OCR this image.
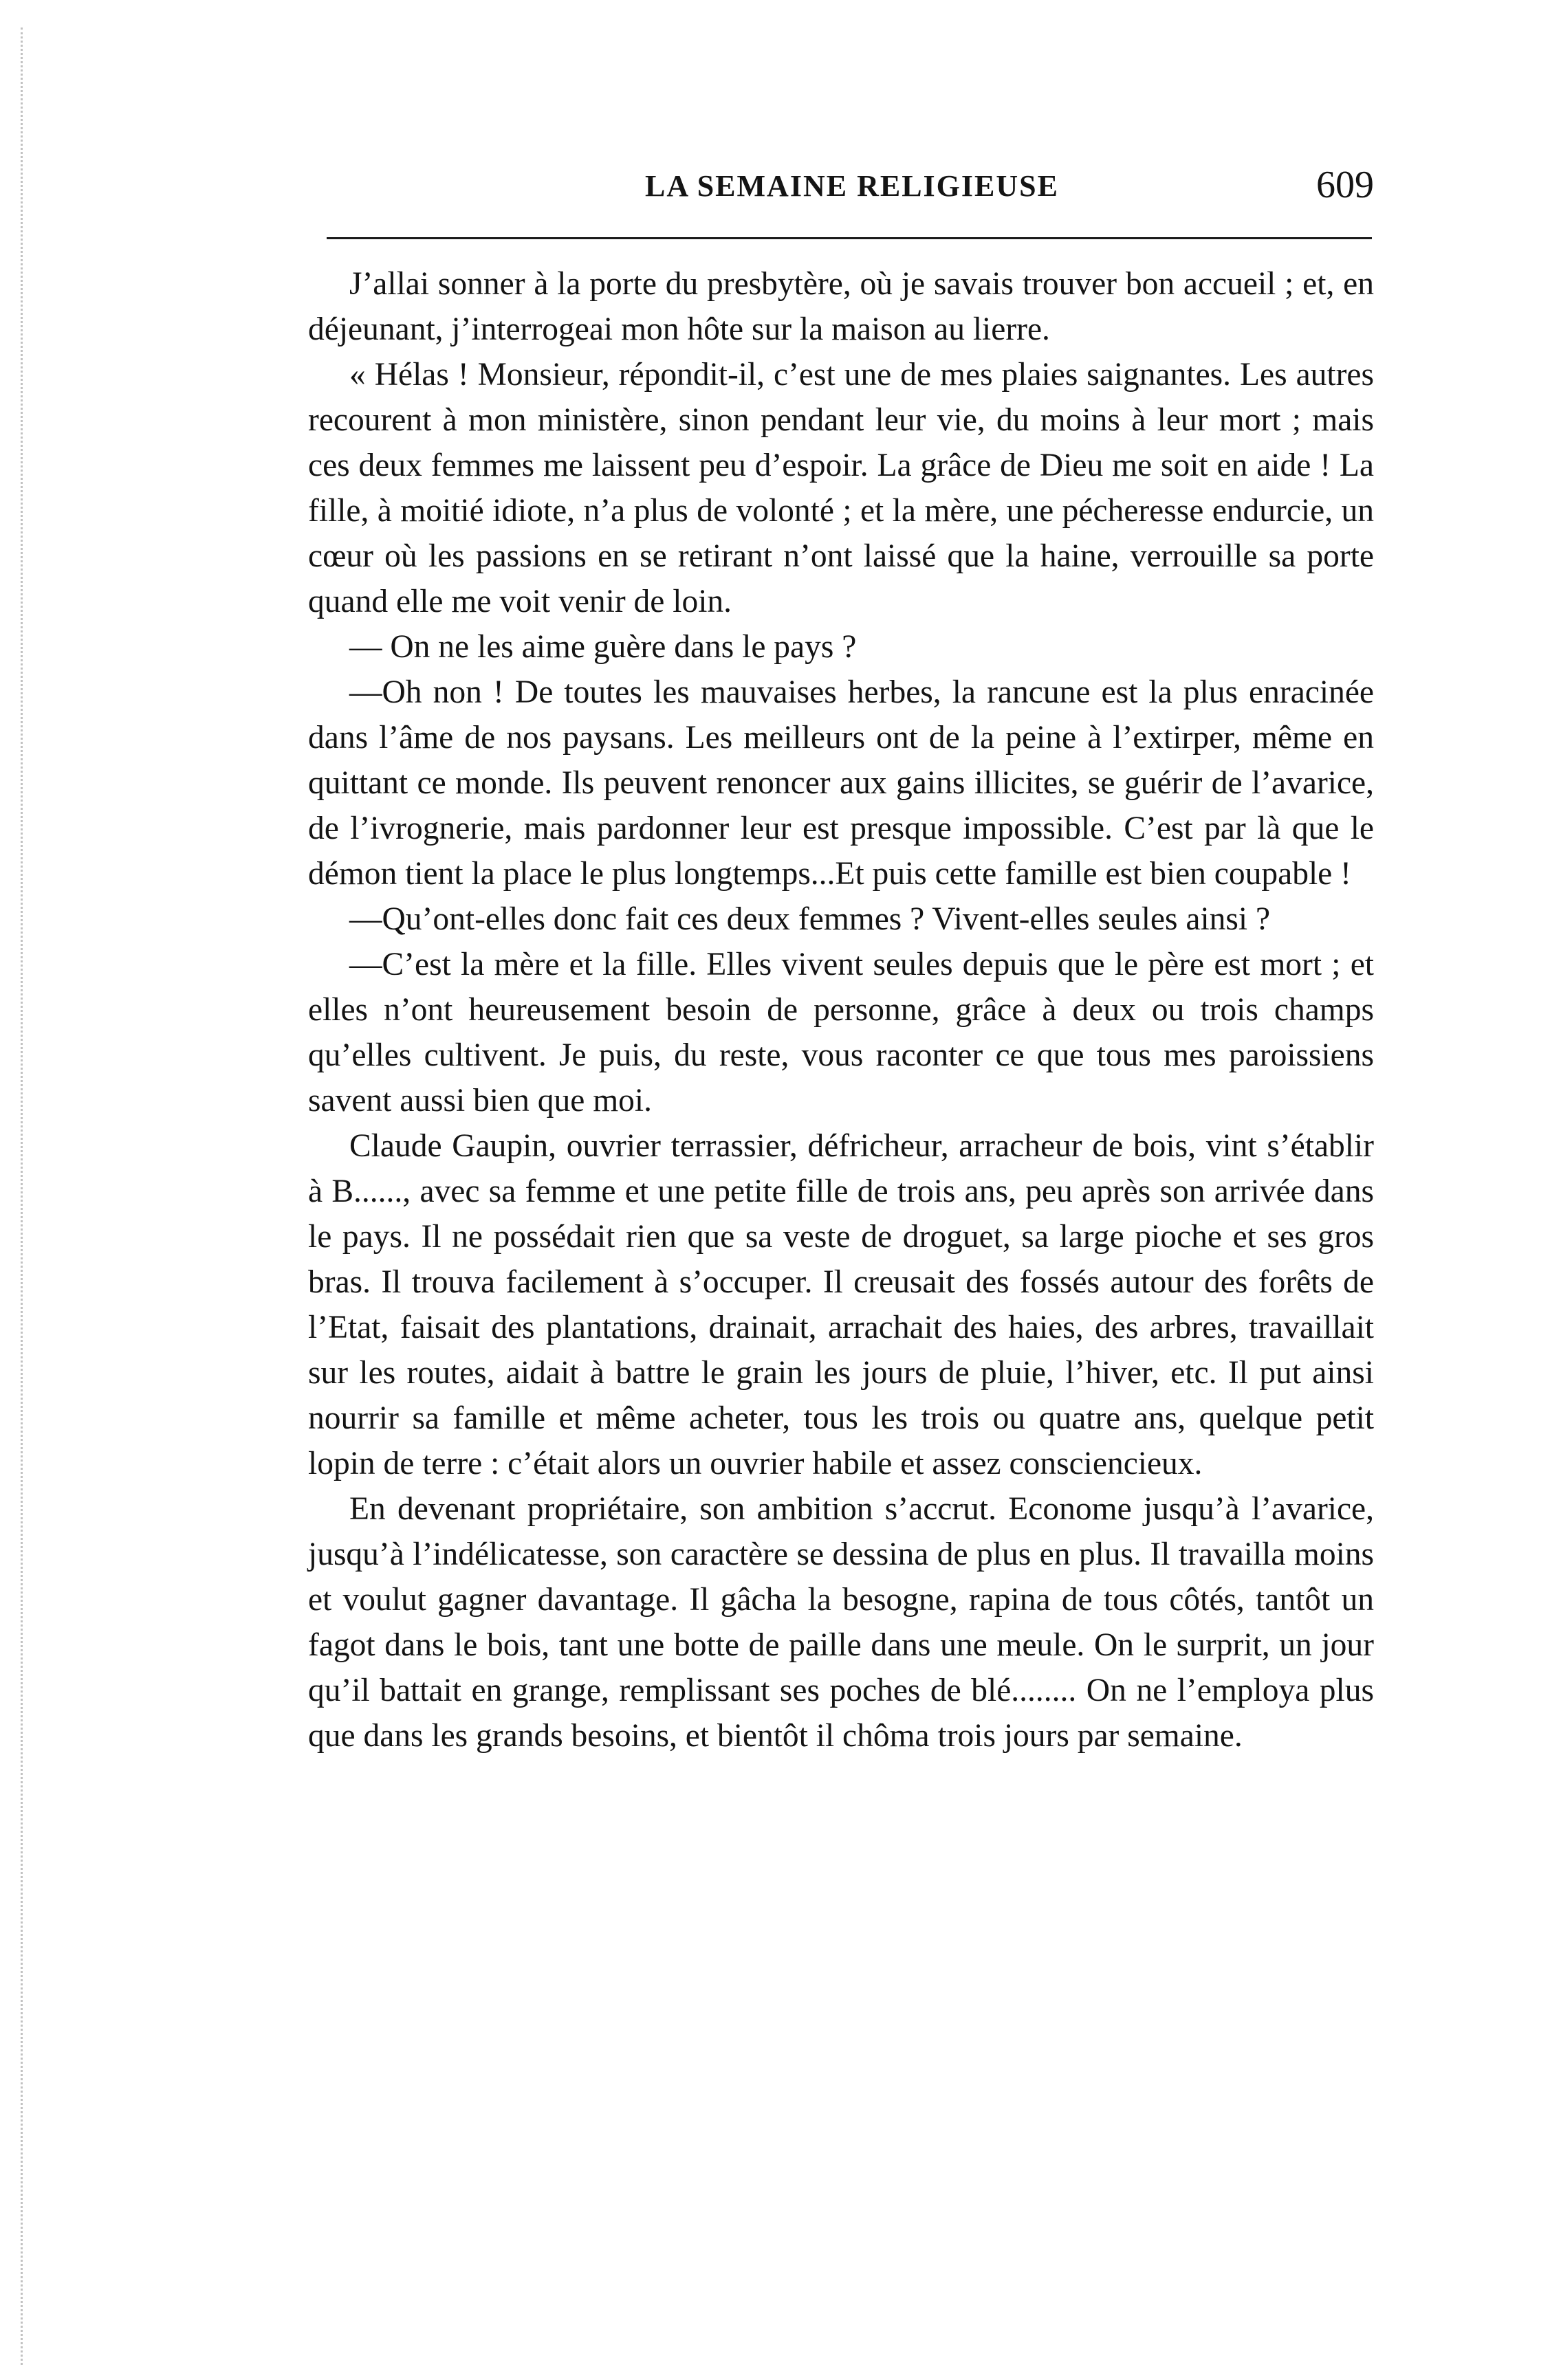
LA SEMAINE RELIGIEUSE	609

J’allai sonner à la porte du presbytère, où je savais trouver bon accueil ; et, en déjeunant, j’interrogeai mon hôte sur la maison au lierre.

« Hélas ! Monsieur, répondit-il, c’est une de mes plaies saignantes. Les autres recourent à mon ministère, sinon pendant leur vie, du moins à leur mort ; mais ces deux femmes me laissent peu d’espoir. La grâce de Dieu me soit en aide ! La fille, à moitié idiote, n’a plus de volonté ; et la mère, une pécheresse endurcie, un cœur où les passions en se retirant n’ont laissé que la haine, verrouille sa porte quand elle me voit venir de loin.

— On ne les aime guère dans le pays ?

—Oh non ! De toutes les mauvaises herbes, la rancune est la plus enracinée dans l’âme de nos paysans. Les meilleurs ont de la peine à l’extirper, même en quittant ce monde. Ils peuvent renoncer aux gains illicites, se guérir de l’avarice, de l’ivrognerie, mais pardonner leur est presque impossible. C’est par là que le démon tient la place le plus longtemps...Et puis cette famille est bien coupable !

—Qu’ont-elles donc fait ces deux femmes ? Vivent-elles seules ainsi ?

—C’est la mère et la fille. Elles vivent seules depuis que le père est mort ; et elles n’ont heureusement besoin de personne, grâce à deux ou trois champs qu’elles cultivent. Je puis, du reste, vous raconter ce que tous mes paroissiens savent aussi bien que moi.

Claude Gaupin, ouvrier terrassier, défricheur, arracheur de bois, vint s’établir à B......, avec sa femme et une petite fille de trois ans, peu après son arrivée dans le pays. Il ne possédait rien que sa veste de droguet, sa large pioche et ses gros bras. Il trouva facilement à s’occuper. Il creusait des fossés autour des forêts de l’Etat, faisait des plantations, drainait, arrachait des haies, des arbres, travaillait sur les routes, aidait à battre le grain les jours de pluie, l’hiver, etc. Il put ainsi nourrir sa famille et même acheter, tous les trois ou quatre ans, quelque petit lopin de terre : c’était alors un ouvrier habile et assez consciencieux.

En devenant propriétaire, son ambition s’accrut. Econome jusqu’à l’avarice, jusqu’à l’indélicatesse, son caractère se dessina de plus en plus. Il travailla moins et voulut gagner davantage. Il gâcha la besogne, rapina de tous côtés, tantôt un fagot dans le bois, tant une botte de paille dans une meule. On le surprit, un jour qu’il battait en grange, remplissant ses poches de blé........ On ne l’employa plus que dans les grands besoins, et bientôt il chôma trois jours par semaine.
